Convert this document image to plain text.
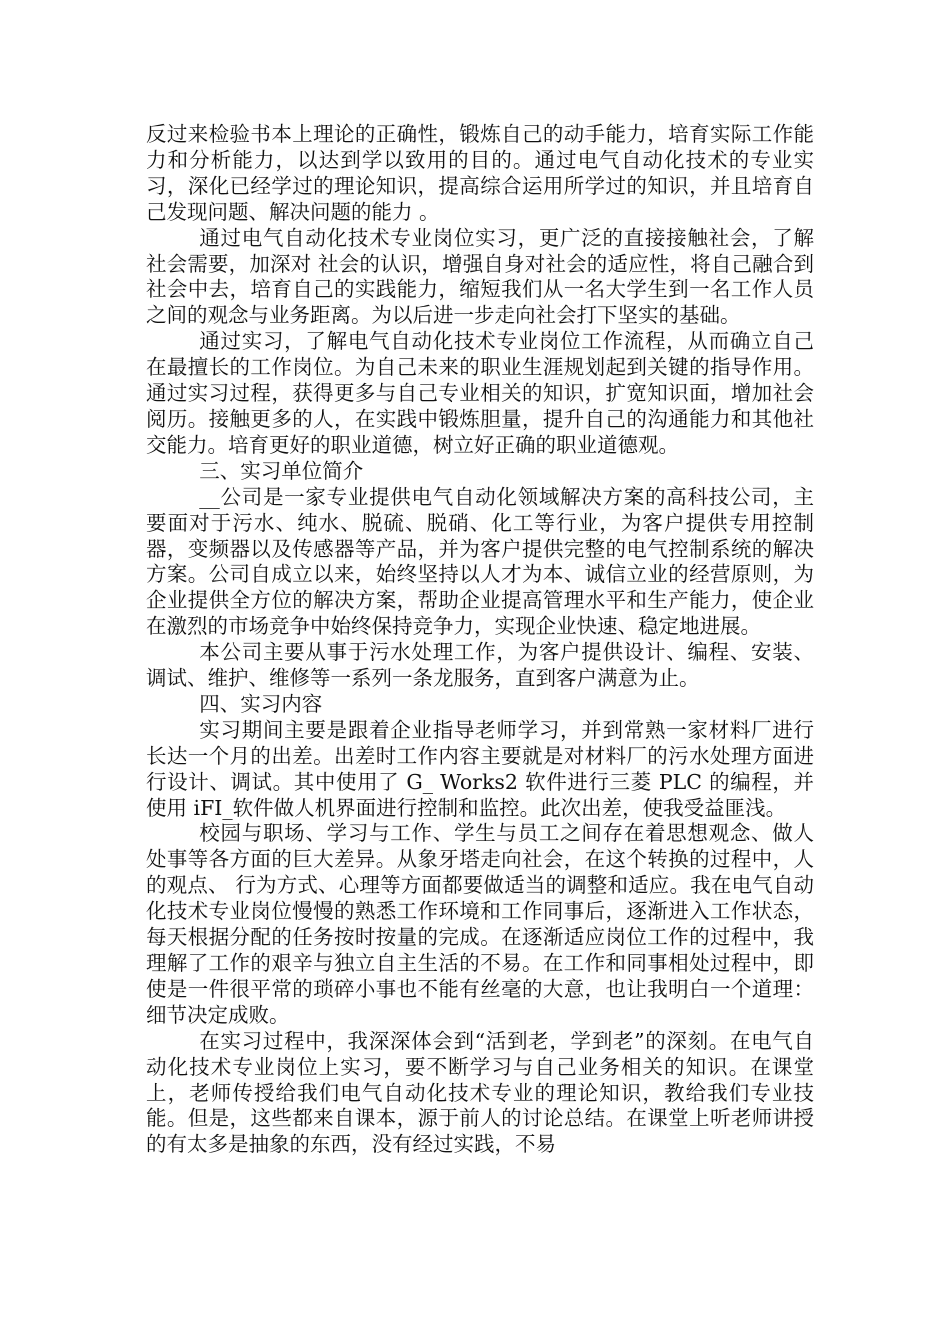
反过来检验书本上理论的正确性，锻炼自己的动手能力，培育实际工作能力和分析能力，以达到学以致用的目的。通过电气自动化技术的专业实习，深化已经学过的理论知识，提高综合运用所学过的知识，并且培育自己发现问题、解决问题的能力 。

通过电气自动化技术专业岗位实习，更广泛的直接接触社会，了解社会需要，加深对 社会的认识，增强自身对社会的适应性，将自己融合到社会中去，培育自己的实践能力，缩短我们从一名大学生到一名工作人员之间的观念与业务距离。为以后进一步走向社会打下坚实的基础。

通过实习，了解电气自动化技术专业岗位工作流程，从而确立自己在最擅长的工作岗位。为自己未来的职业生涯规划起到关键的指导作用。通过实习过程，获得更多与自己专业相关的知识，扩宽知识面，增加社会阅历。接触更多的人，在实践中锻炼胆量，提升自己的沟通能力和其他社交能力。培育更好的职业道德，树立好正确的职业道德观。

三、实习单位简介

__公司是一家专业提供电气自动化领域解决方案的高科技公司，主要面对于污水、纯水、脱硫、脱硝、化工等行业，为客户提供专用控制器，变频器以及传感器等产品，并为客户提供完整的电气控制系统的解决方案。公司自成立以来，始终坚持以人才为本、诚信立业的经营原则，为企业提供全方位的解决方案，帮助企业提高管理水平和生产能力，使企业在激烈的市场竞争中始终保持竞争力，实现企业快速、稳定地进展。

本公司主要从事于污水处理工作，为客户提供设计、编程、安装、调试、维护、维修等一系列一条龙服务，直到客户满意为止。

四、实习内容

实习期间主要是跟着企业指导老师学习，并到常熟一家材料厂进行长达一个月的出差。出差时工作内容主要就是对材料厂的污水处理方面进行设计、调试。其中使用了 G_ Works2 软件进行三菱 PLC 的编程，并使用 iFI_软件做人机界面进行控制和监控。此次出差，使我受益匪浅。

校园与职场、学习与工作、学生与员工之间存在着思想观念、做人处事等各方面的巨大差异。从象牙塔走向社会，在这个转换的过程中，人的观点、 行为方式、心理等方面都要做适当的调整和适应。我在电气自动化技术专业岗位慢慢的熟悉工作环境和工作同事后，逐渐进入工作状态，每天根据分配的任务按时按量的完成。在逐渐适应岗位工作的过程中，我理解了工作的艰辛与独立自主生活的不易。在工作和同事相处过程中，即使是一件很平常的琐碎小事也不能有丝毫的大意，也让我明白一个道理：细节决定成败。

在实习过程中，我深深体会到“活到老，学到老”的深刻。在电气自动化技术专业岗位上实习，要不断学习与自己业务相关的知识。在课堂上，老师传授给我们电气自动化技术专业的理论知识，教给我们专业技能。但是，这些都来自课本，源于前人的讨论总结。在课堂上听老师讲授的有太多是抽象的东西，没有经过实践，不易
